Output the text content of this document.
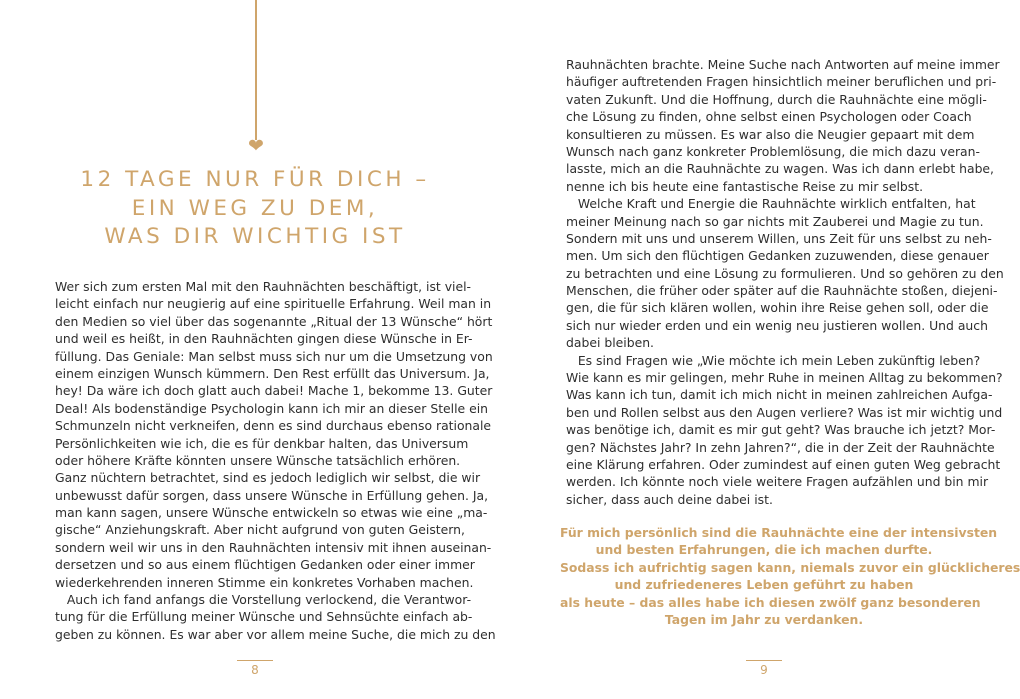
❤
12 TAGE NUR FÜR DICH –
EIN WEG ZU DEM,
WAS DIR WICHTIG IST
Wer sich zum ersten Mal mit den Rauhnächten beschäftigt, ist viel-
leicht einfach nur neugierig auf eine spirituelle Erfahrung. Weil man in
den Medien so viel über das sogenannte „Ritual der 13 Wünsche“ hört
und weil es heißt, in den Rauhnächten gingen diese Wünsche in Er-
füllung. Das Geniale: Man selbst muss sich nur um die Umsetzung von
einem einzigen Wunsch kümmern. Den Rest erfüllt das Universum. Ja,
hey! Da wäre ich doch glatt auch dabei! Mache 1, bekomme 13. Guter
Deal! Als bodenständige Psychologin kann ich mir an dieser Stelle ein
Schmunzeln nicht verkneifen, denn es sind durchaus ebenso rationale
Persönlichkeiten wie ich, die es für denkbar halten, das Universum
oder höhere Kräfte könnten unsere Wünsche tatsächlich erhören.
Ganz nüchtern betrachtet, sind es jedoch lediglich wir selbst, die wir
unbewusst dafür sorgen, dass unsere Wünsche in Erfüllung gehen. Ja,
man kann sagen, unsere Wünsche entwickeln so etwas wie eine „ma-
gische“ Anziehungskraft. Aber nicht aufgrund von guten Geistern,
sondern weil wir uns in den Rauhnächten intensiv mit ihnen auseinan-
dersetzen und so aus einem flüchtigen Gedanken oder einer immer
wiederkehrenden inneren Stimme ein konkretes Vorhaben machen.
Auch ich fand anfangs die Vorstellung verlockend, die Verantwor-
tung für die Erfüllung meiner Wünsche und Sehnsüchte einfach ab-
geben zu können. Es war aber vor allem meine Suche, die mich zu den
8
Rauhnächten brachte. Meine Suche nach Antworten auf meine immer
häufiger auftretenden Fragen hinsichtlich meiner beruflichen und pri-
vaten Zukunft. Und die Hoffnung, durch die Rauhnächte eine mögli-
che Lösung zu finden, ohne selbst einen Psychologen oder Coach
konsultieren zu müssen. Es war also die Neugier gepaart mit dem
Wunsch nach ganz konkreter Problemlösung, die mich dazu veran-
lasste, mich an die Rauhnächte zu wagen. Was ich dann erlebt habe,
nenne ich bis heute eine fantastische Reise zu mir selbst.
Welche Kraft und Energie die Rauhnächte wirklich entfalten, hat
meiner Meinung nach so gar nichts mit Zauberei und Magie zu tun.
Sondern mit uns und unserem Willen, uns Zeit für uns selbst zu neh-
men. Um sich den flüchtigen Gedanken zuzuwenden, diese genauer
zu betrachten und eine Lösung zu formulieren. Und so gehören zu den
Menschen, die früher oder später auf die Rauhnächte stoßen, diejeni-
gen, die für sich klären wollen, wohin ihre Reise gehen soll, oder die
sich nur wieder erden und ein wenig neu justieren wollen. Und auch
dabei bleiben.
Es sind Fragen wie „Wie möchte ich mein Leben zukünftig leben?
Wie kann es mir gelingen, mehr Ruhe in meinen Alltag zu bekommen?
Was kann ich tun, damit ich mich nicht in meinen zahlreichen Aufga-
ben und Rollen selbst aus den Augen verliere? Was ist mir wichtig und
was benötige ich, damit es mir gut geht? Was brauche ich jetzt? Mor-
gen? Nächstes Jahr? In zehn Jahren?“, die in der Zeit der Rauhnächte
eine Klärung erfahren. Oder zumindest auf einen guten Weg gebracht
werden. Ich könnte noch viele weitere Fragen aufzählen und bin mir
sicher, dass auch deine dabei ist.
Für mich persönlich sind die Rauhnächte eine der intensivsten
und besten Erfahrungen, die ich machen durfte.
Sodass ich aufrichtig sagen kann, niemals zuvor ein glücklicheres
und zufriedeneres Leben geführt zu haben
als heute – das alles habe ich diesen zwölf ganz besonderen
Tagen im Jahr zu verdanken.
9
